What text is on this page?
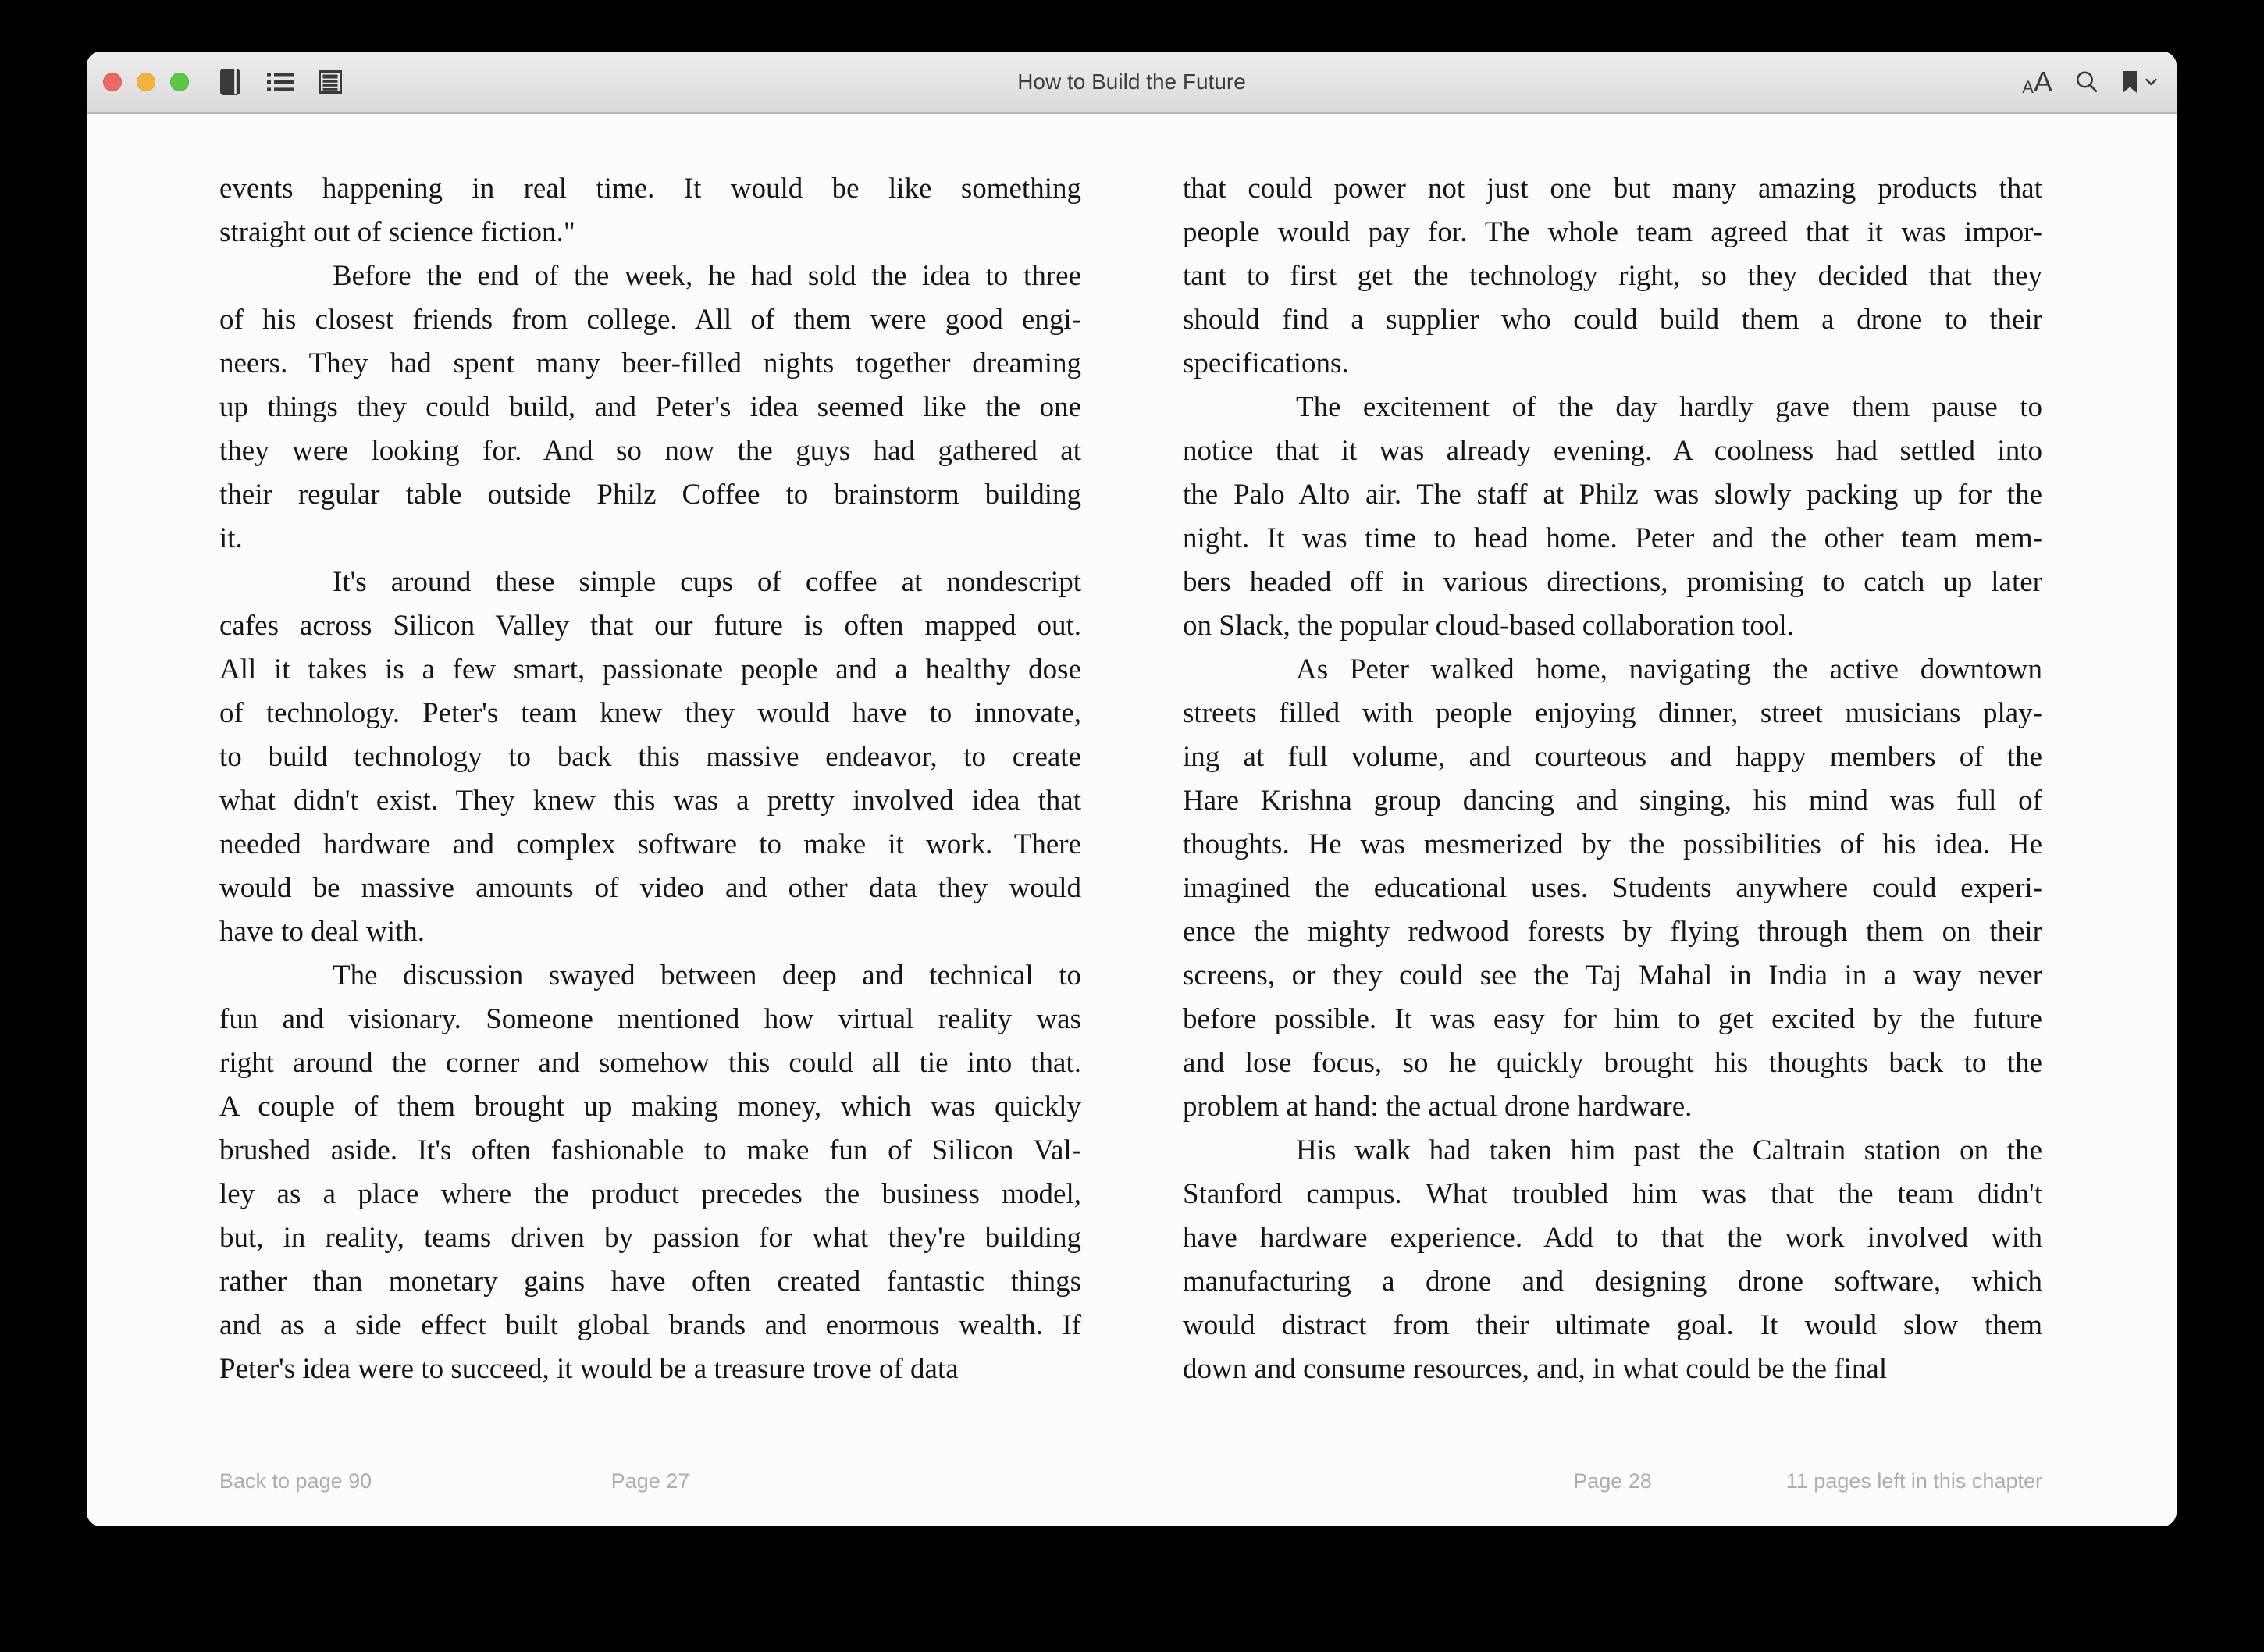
How to Build the Future	A A
events happening in real time. It would be like something
straight out of science fiction."
Before the end of the week, he had sold the idea to three
of his closest friends from college. All of them were good engi-
neers. They had spent many beer-filled nights together dreaming
up things they could build, and Peter's idea seemed like the one
they were looking for. And so now the guys had gathered at
their regular table outside Philz Coffee to brainstorm building
it.
It's around these simple cups of coffee at nondescript
cafes across Silicon Valley that our future is often mapped out.
All it takes is a few smart, passionate people and a healthy dose
of technology. Peter's team knew they would have to innovate,
to build technology to back this massive endeavor, to create
what didn't exist. They knew this was a pretty involved idea that
needed hardware and complex software to make it work. There
would be massive amounts of video and other data they would
have to deal with.
The discussion swayed between deep and technical to
fun and visionary. Someone mentioned how virtual reality was
right around the corner and somehow this could all tie into that.
A couple of them brought up making money, which was quickly
brushed aside. It's often fashionable to make fun of Silicon Val-
ley as a place where the product precedes the business model,
but, in reality, teams driven by passion for what they're building
rather than monetary gains have often created fantastic things
and as a side effect built global brands and enormous wealth. If
Peter's idea were to succeed, it would be a treasure trove of data
Back to page 90	Page 27
that could power not just one but many amazing products that
people would pay for. The whole team agreed that it was impor-
tant to first get the technology right, so they decided that they
should find a supplier who could build them a drone to their
specifications.
The excitement of the day hardly gave them pause to
notice that it was already evening. A coolness had settled into
the Palo Alto air. The staff at Philz was slowly packing up for the
night. It was time to head home. Peter and the other team mem-
bers headed off in various directions, promising to catch up later
on Slack, the popular cloud-based collaboration tool.
As Peter walked home, navigating the active downtown
streets filled with people enjoying dinner, street musicians play-
ing at full volume, and courteous and happy members of the
Hare Krishna group dancing and singing, his mind was full of
thoughts. He was mesmerized by the possibilities of his idea. He
imagined the educational uses. Students anywhere could experi-
ence the mighty redwood forests by flying through them on their
screens, or they could see the Taj Mahal in India in a way never
before possible. It was easy for him to get excited by the future
and lose focus, so he quickly brought his thoughts back to the
problem at hand: the actual drone hardware.
His walk had taken him past the Caltrain station on the
Stanford campus. What troubled him was that the team didn't
have hardware experience. Add to that the work involved with
manufacturing a drone and designing drone software, which
would distract from their ultimate goal. It would slow them
down and consume resources, and, in what could be the final
Page 28	11 pages left in this chapter
